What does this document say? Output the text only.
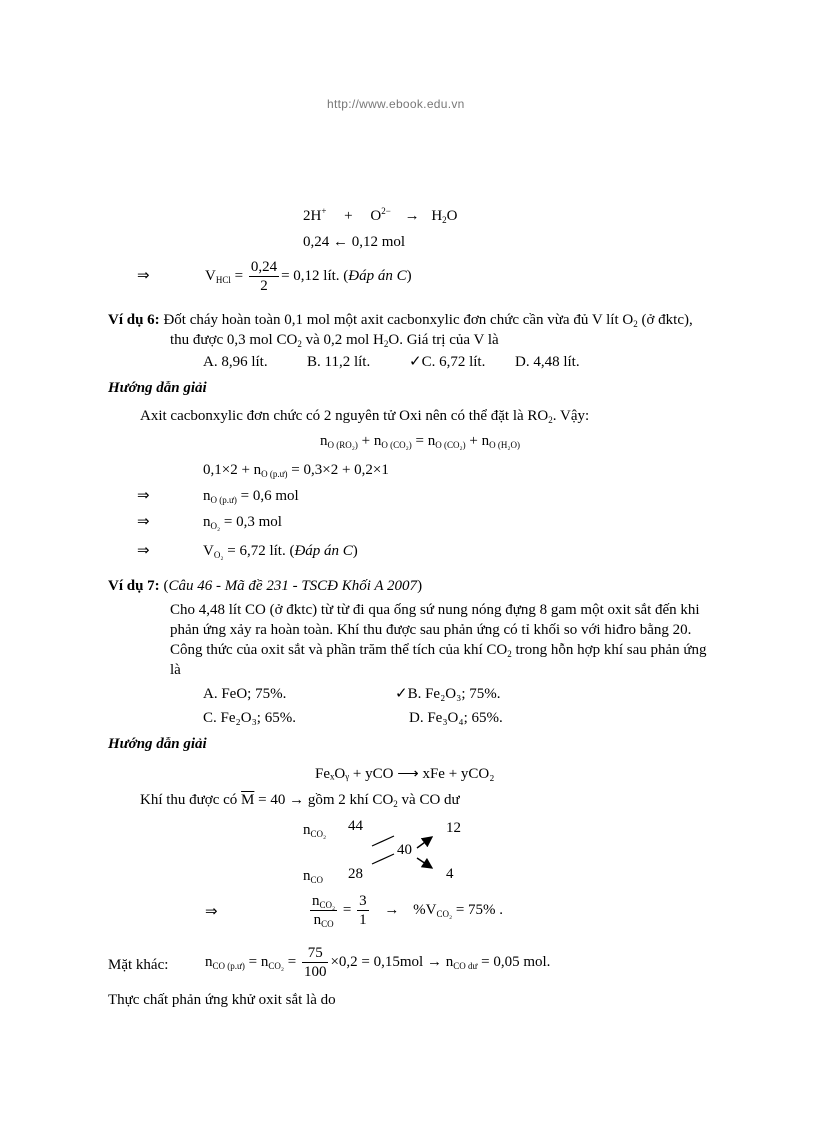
http://www.ebook.edu.vn
$2H^+ + O^{2-} \to H_2O$
0,24 ← 0,12 mol
⇒	$V_{HCl} = \frac{0,24}{2} = 0,12$ lít. (Đáp án C)
Ví dụ 6: Đốt cháy hoàn toàn 0,1 mol một axit cacbonxylic đơn chức cần vừa đủ V lít $O_2$ (ở đktc),
thu được 0,3 mol $CO_2$ và 0,2 mol $H_2O$. Giá trị của V là
A. 8,96 lít.	B. 11,2 lít.	✓C. 6,72 lít. D. 4,48 lít.
Hướng dẫn giải
Axit cacbonxylic đơn chức có 2 nguyên tử Oxi nên có thể đặt là $RO_2$. Vậy:
$n_{O (RO_2)} + n_{O (CO_2)} = n_{O (CO_2)} + n_{O (H_2O)}$
$0,1\times 2 + n_{O (p.ư)} = 0,3\times 2 + 0,2\times 1$
⇒	$n_{O (p.ư)} = 0,6$ mol
⇒	$n_{O_2} = 0,3$ mol
⇒	$V_{O_2} = 6,72$ lít. (Đáp án C)
Ví dụ 7: (Câu 46 - Mã đề 231 - TSCĐ Khối A 2007)
Cho 4,48 lít CO (ở đktc) từ từ đi qua ống sứ nung nóng đựng 8 gam một oxit sắt đến khi
phản ứng xảy ra hoàn toàn. Khí thu được sau phản ứng có tỉ khối so với hiđro bằng 20.
Công thức của oxit sắt và phần trăm thể tích của khí $CO_2$ trong hỗn hợp khí sau phản ứng
là
A. FeO; 75%.	✓B. Fe₂O₃; 75%.
C. Fe₂O₃; 65%.	D. Fe₃O₄; 65%.
Hướng dẫn giải
FeₓOᵧ + yCO ⟶ xFe + yCO₂
Khí thu được có $\overline{M} = 40$ → gồm 2 khí $CO_2$ và CO dư
$n_{CO_2}$ 44	12
40
$n_{CO}$ 28	4
⇒	$\frac{n_{CO_2}}{n_{CO}} = \frac{3}{1} \to \%V_{CO_2} = 75\%$ .
Mặt khác: $n_{CO (p.ư)} = n_{CO_2} = \frac{75}{100} \times 0,2 = 0,15mol \to n_{CO dư} = 0,05$ mol.
Thực chất phản ứng khử oxit sắt là do
